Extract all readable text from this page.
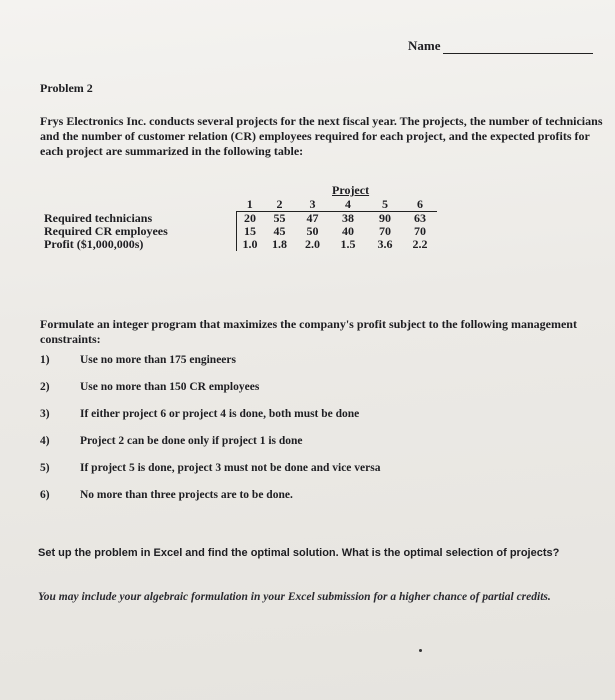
Name
Problem 2
Frys Electronics Inc. conducts several projects for the next fiscal year. The projects, the number of technicians and the number of customer relation (CR) employees required for each project, and the expected profits for each project are summarized in the following table:
Project
	1	2	3	4	5	6
Required technicians	20	55	47	38	90	63
Required CR employees	15	45	50	40	70	70
Profit ($1,000,000s)	1.0	1.8	2.0	1.5	3.6	2.2
Formulate an integer program that maximizes the company's profit subject to the following management constraints:
1)	Use no more than 175 engineers
2)	Use no more than 150 CR employees
3)	If either project 6 or project 4 is done, both must be done
4)	Project 2 can be done only if project 1 is done
5)	If project 5 is done, project 3 must not be done and vice versa
6)	No more than three projects are to be done.
Set up the problem in Excel and find the optimal solution. What is the optimal selection of projects?
You may include your algebraic formulation in your Excel submission for a higher chance of partial credits.
